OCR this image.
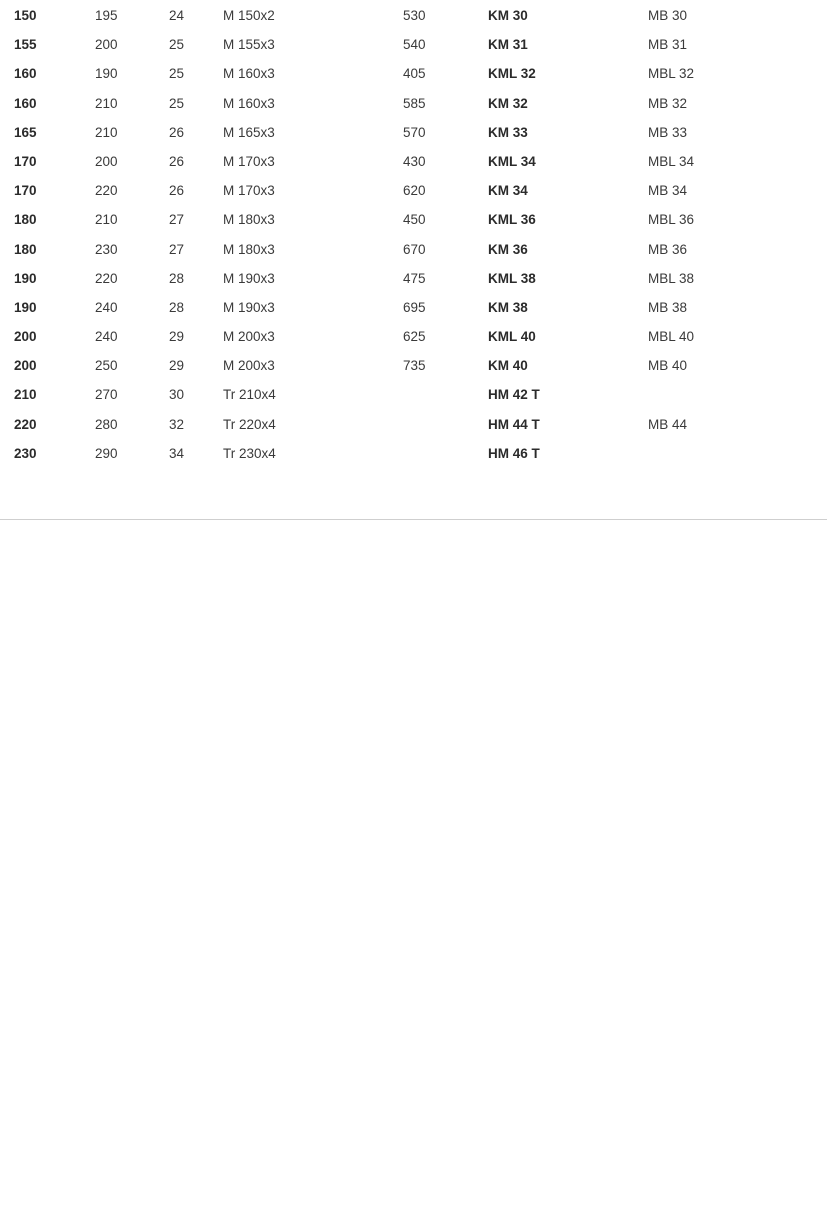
150	195	24	M 150x2	530	KM 30	MB 30
155	200	25	M 155x3	540	KM 31	MB 31
160	190	25	M 160x3	405	KML 32	MBL 32
160	210	25	M 160x3	585	KM 32	MB 32
165	210	26	M 165x3	570	KM 33	MB 33
170	200	26	M 170x3	430	KML 34	MBL 34
170	220	26	M 170x3	620	KM 34	MB 34
180	210	27	M 180x3	450	KML 36	MBL 36
180	230	27	M 180x3	670	KM 36	MB 36
190	220	28	M 190x3	475	KML 38	MBL 38
190	240	28	M 190x3	695	KM 38	MB 38
200	240	29	M 200x3	625	KML 40	MBL 40
200	250	29	M 200x3	735	KM 40	MB 40
210	270	30	Tr 210x4		HM 42 T	
220	280	32	Tr 220x4		HM 44 T	MB 44
230	290	34	Tr 230x4		HM 46 T	
